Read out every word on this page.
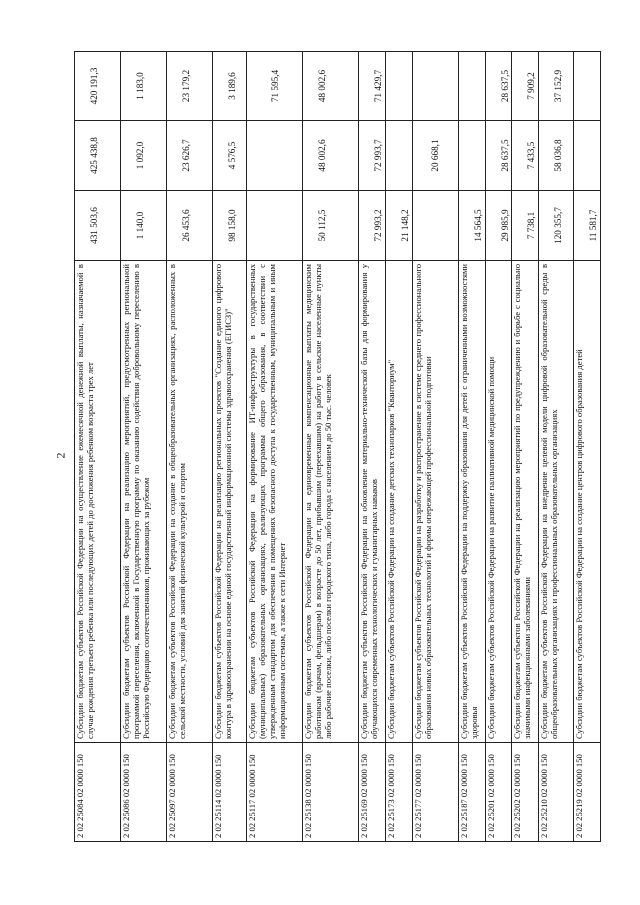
2
2 02 25084 02 0000 150	Субсидии бюджетам субъектов Российской Федерации на осуществление ежемесячной денежной выплаты, назначаемой в случае рождения третьего ребенка или последующих детей до достижения ребенком возраста трех лет	431 503,6	425 438,8	420 191,3
2 02 25086 02 0000 150	Субсидии бюджетам субъектов Российской Федерации на реализацию мероприятий, предусмотренных региональной программой переселения, включенной в Государственную программу по оказанию содействия добровольному переселению в Российскую Федерацию соотечественников, проживающих за рубежом	1 140,0	1 092,0	1 183,0
2 02 25097 02 0000 150	Субсидии бюджетам субъектов Российской Федерации на создание в общеобразовательных организациях, расположенных в сельской местности, условий для занятий физической культурой и спортом	26 453,6	23 626,7	23 179,2
2 02 25114 02 0000 150	Субсидии бюджетам субъектов Российской Федерации на реализацию региональных проектов "Создание единого цифрового контура в здравоохранении на основе единой государственной информационной системы здравоохранения (ЕГИСЗ)"	98 158,0	4 576,5	3 189,6
2 02 25117 02 0000 150	Субсидии бюджетам субъектов Российской Федерации на формирование ИТ-инфраструктуры в государственных (муниципальных) образовательных организациях, реализующих программы общего образования, в соответствии с утвержденным стандартом для обеспечения в помещениях безопасного доступа к государственным, муниципальным и иным информационным системам, а также к сети Интернет			71 595,4
2 02 25138 02 0000 150	Субсидии бюджетам субъектов Российской Федерации на единовременные компенсационные выплаты медицинским работникам (врачам, фельдшерам) в возрасте до 50 лет, прибывшим (переехавшим) на работу в сельские населенные пункты либо рабочие поселки, либо поселки городского типа, либо города с населением до 50 тыс. человек	50 112,5	48 002,6	48 002,6
2 02 25169 02 0000 150	Субсидии бюджетам субъектов Российской Федерации на обновление материально-технической базы для формирования у обучающихся современных технологических и гуманитарных навыков	72 993,2	72 993,7	71 429,7
2 02 25173 02 0000 150	Субсидии бюджетам субъектов Российской Федерации на создание детских технопарков "Кванториум"	21 148,2		
2 02 25177 02 0000 150	Субсидии бюджетам субъектов Российской Федерации на разработку и распространение в системе среднего профессионального образования новых образовательных технологий и формы опережающей профессиональной подготовки		20 668,1	
2 02 25187 02 0000 150	Субсидии бюджетам субъектов Российской Федерации на поддержку образования для детей с ограниченными возможностями здоровья	14 564,5		
2 02 25201 02 0000 150	Субсидии бюджетам субъектов Российской Федерации на развитие паллиативной медицинской помощи	29 985,9	28 637,5	28 637,5
2 02 25202 02 0000 150	Субсидии бюджетам субъектов Российской Федерации на реализацию мероприятий по предупреждению и борьбе с социально значимыми инфекционными заболеваниями	7 738,1	7 433,5	7 909,2
2 02 25210 02 0000 150	Субсидии бюджетам субъектов Российской Федерации на внедрение целевой модели цифровой образовательной среды в общеобразовательных организациях и профессиональных образовательных организациях	120 355,7	58 036,8	37 152,9
2 02 25219 02 0000 150	Субсидии бюджетам субъектов Российской Федерации на создание центров цифрового образования детей	11 581,7		
